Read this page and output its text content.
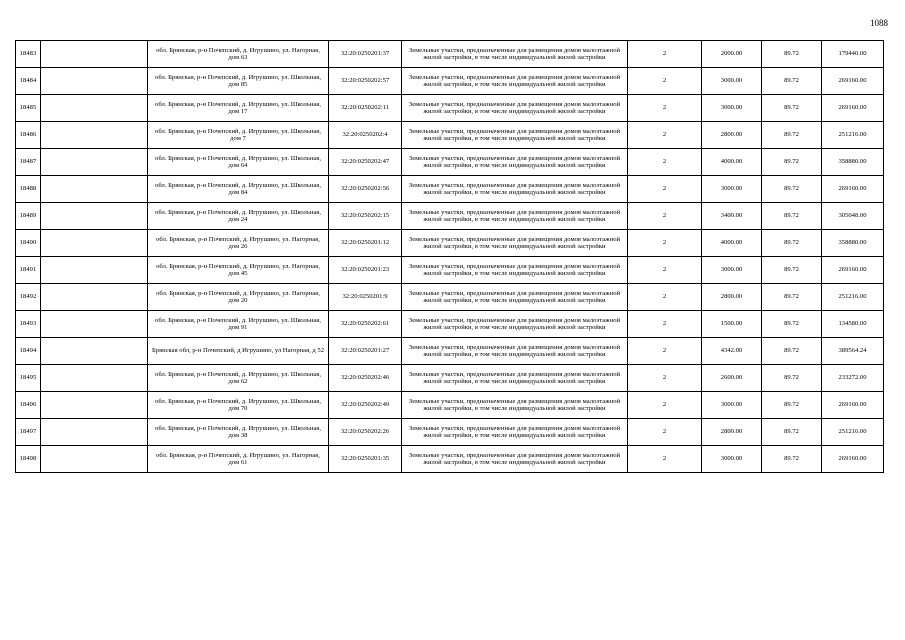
1088
18483		обл. Брянская, р-н Почепский, д. Игрушино, ул. Нагорная, дом 63	32:20:0250201:37	Земельные участки, предназначенные для размещения домов малоэтажной жилой застройки, в том числе индивидуальной жилой застройки	2	2000.00	89.72	179440.00
18484		обл. Брянская, р-н Почепский, д. Игрушино, ул. Школьная, дом 85	32:20:0250202:57	Земельные участки, предназначенные для размещения домов малоэтажной жилой застройки, в том числе индивидуальной жилой застройки	2	3000.00	89.72	269160.00
18485		обл. Брянская, р-н Почепский, д. Игрушино, ул. Школьная, дом 17	32:20:0250202:11	Земельные участки, предназначенные для размещения домов малоэтажной жилой застройки, в том числе индивидуальной жилой застройки	2	3000.00	89.72	269160.00
18486		обл. Брянская, р-н Почепский, д. Игрушино, ул. Школьная, дом 7	32:20:0250202:4	Земельные участки, предназначенные для размещения домов малоэтажной жилой застройки, в том числе индивидуальной жилой застройки	2	2800.00	89.72	251216.00
18487		обл. Брянская, р-н Почепский, д. Игрушино, ул. Школьная, дом 64	32:20:0250202:47	Земельные участки, предназначенные для размещения домов малоэтажной жилой застройки, в том числе индивидуальной жилой застройки	2	4000.00	89.72	358880.00
18488		обл. Брянская, р-н Почепский, д. Игрушино, ул. Школьная, дом 84	32:20:0250202:56	Земельные участки, предназначенные для размещения домов малоэтажной жилой застройки, в том числе индивидуальной жилой застройки	2	3000.00	89.72	269160.00
18489		обл. Брянская, р-н Почепский, д. Игрушино, ул. Школьная, дом 24	32:20:0250202:15	Земельные участки, предназначенные для размещения домов малоэтажной жилой застройки, в том числе индивидуальной жилой застройки	2	3400.00	89.72	305048.00
18490		обл. Брянская, р-н Почепский, д. Игрушино, ул. Нагорная, дом 26	32:20:0250201:12	Земельные участки, предназначенные для размещения домов малоэтажной жилой застройки, в том числе индивидуальной жилой застройки	2	4000.00	89.72	358880.00
18491		обл. Брянская, р-н Почепский, д. Игрушино, ул. Нагорная, дом 45	32:20:0250201:23	Земельные участки, предназначенные для размещения домов малоэтажной жилой застройки, в том числе индивидуальной жилой застройки	2	3000.00	89.72	269160.00
18492		обл. Брянская, р-н Почепский, д. Игрушино, ул. Нагорная, дом 20	32:20:0250201:9	Земельные участки, предназначенные для размещения домов малоэтажной жилой застройки, в том числе индивидуальной жилой застройки	2	2800.00	89.72	251216.00
18493		обл. Брянская, р-н Почепский, д. Игрушино, ул. Школьная, дом 91	32:20:0250202:61	Земельные участки, предназначенные для размещения домов малоэтажной жилой застройки, в том числе индивидуальной жилой застройки	2	1500.00	89.72	134580.00
18494		Брянская обл, р-н Почепский, д Игрушино, ул Нагорная, д 52	32:20:0250201:27	Земельные участки, предназначенные для размещения домов малоэтажной жилой застройки, в том числе индивидуальной жилой застройки	2	4342.00	89.72	389564.24
18495		обл. Брянская, р-н Почепский, д. Игрушино, ул. Школьная, дом 62	32:20:0250202:46	Земельные участки, предназначенные для размещения домов малоэтажной жилой застройки, в том числе индивидуальной жилой застройки	2	2600.00	89.72	233272.00
18496		обл. Брянская, р-н Почепский, д. Игрушино, ул. Школьная, дом 70	32:20:0250202:49	Земельные участки, предназначенные для размещения домов малоэтажной жилой застройки, в том числе индивидуальной жилой застройки	2	3000.00	89.72	269160.00
18497		обл. Брянская, р-н Почепский, д. Игрушино, ул. Школьная, дом 38	32:20:0250202:26	Земельные участки, предназначенные для размещения домов малоэтажной жилой застройки, в том числе индивидуальной жилой застройки	2	2800.00	89.72	251216.00
18498		обл. Брянская, р-н Почепский, д. Игрушино, ул. Нагорная, дом 61	32:20:0250201:35	Земельные участки, предназначенные для размещения домов малоэтажной жилой застройки, в том числе индивидуальной жилой застройки	2	3000.00	89.72	269160.00
